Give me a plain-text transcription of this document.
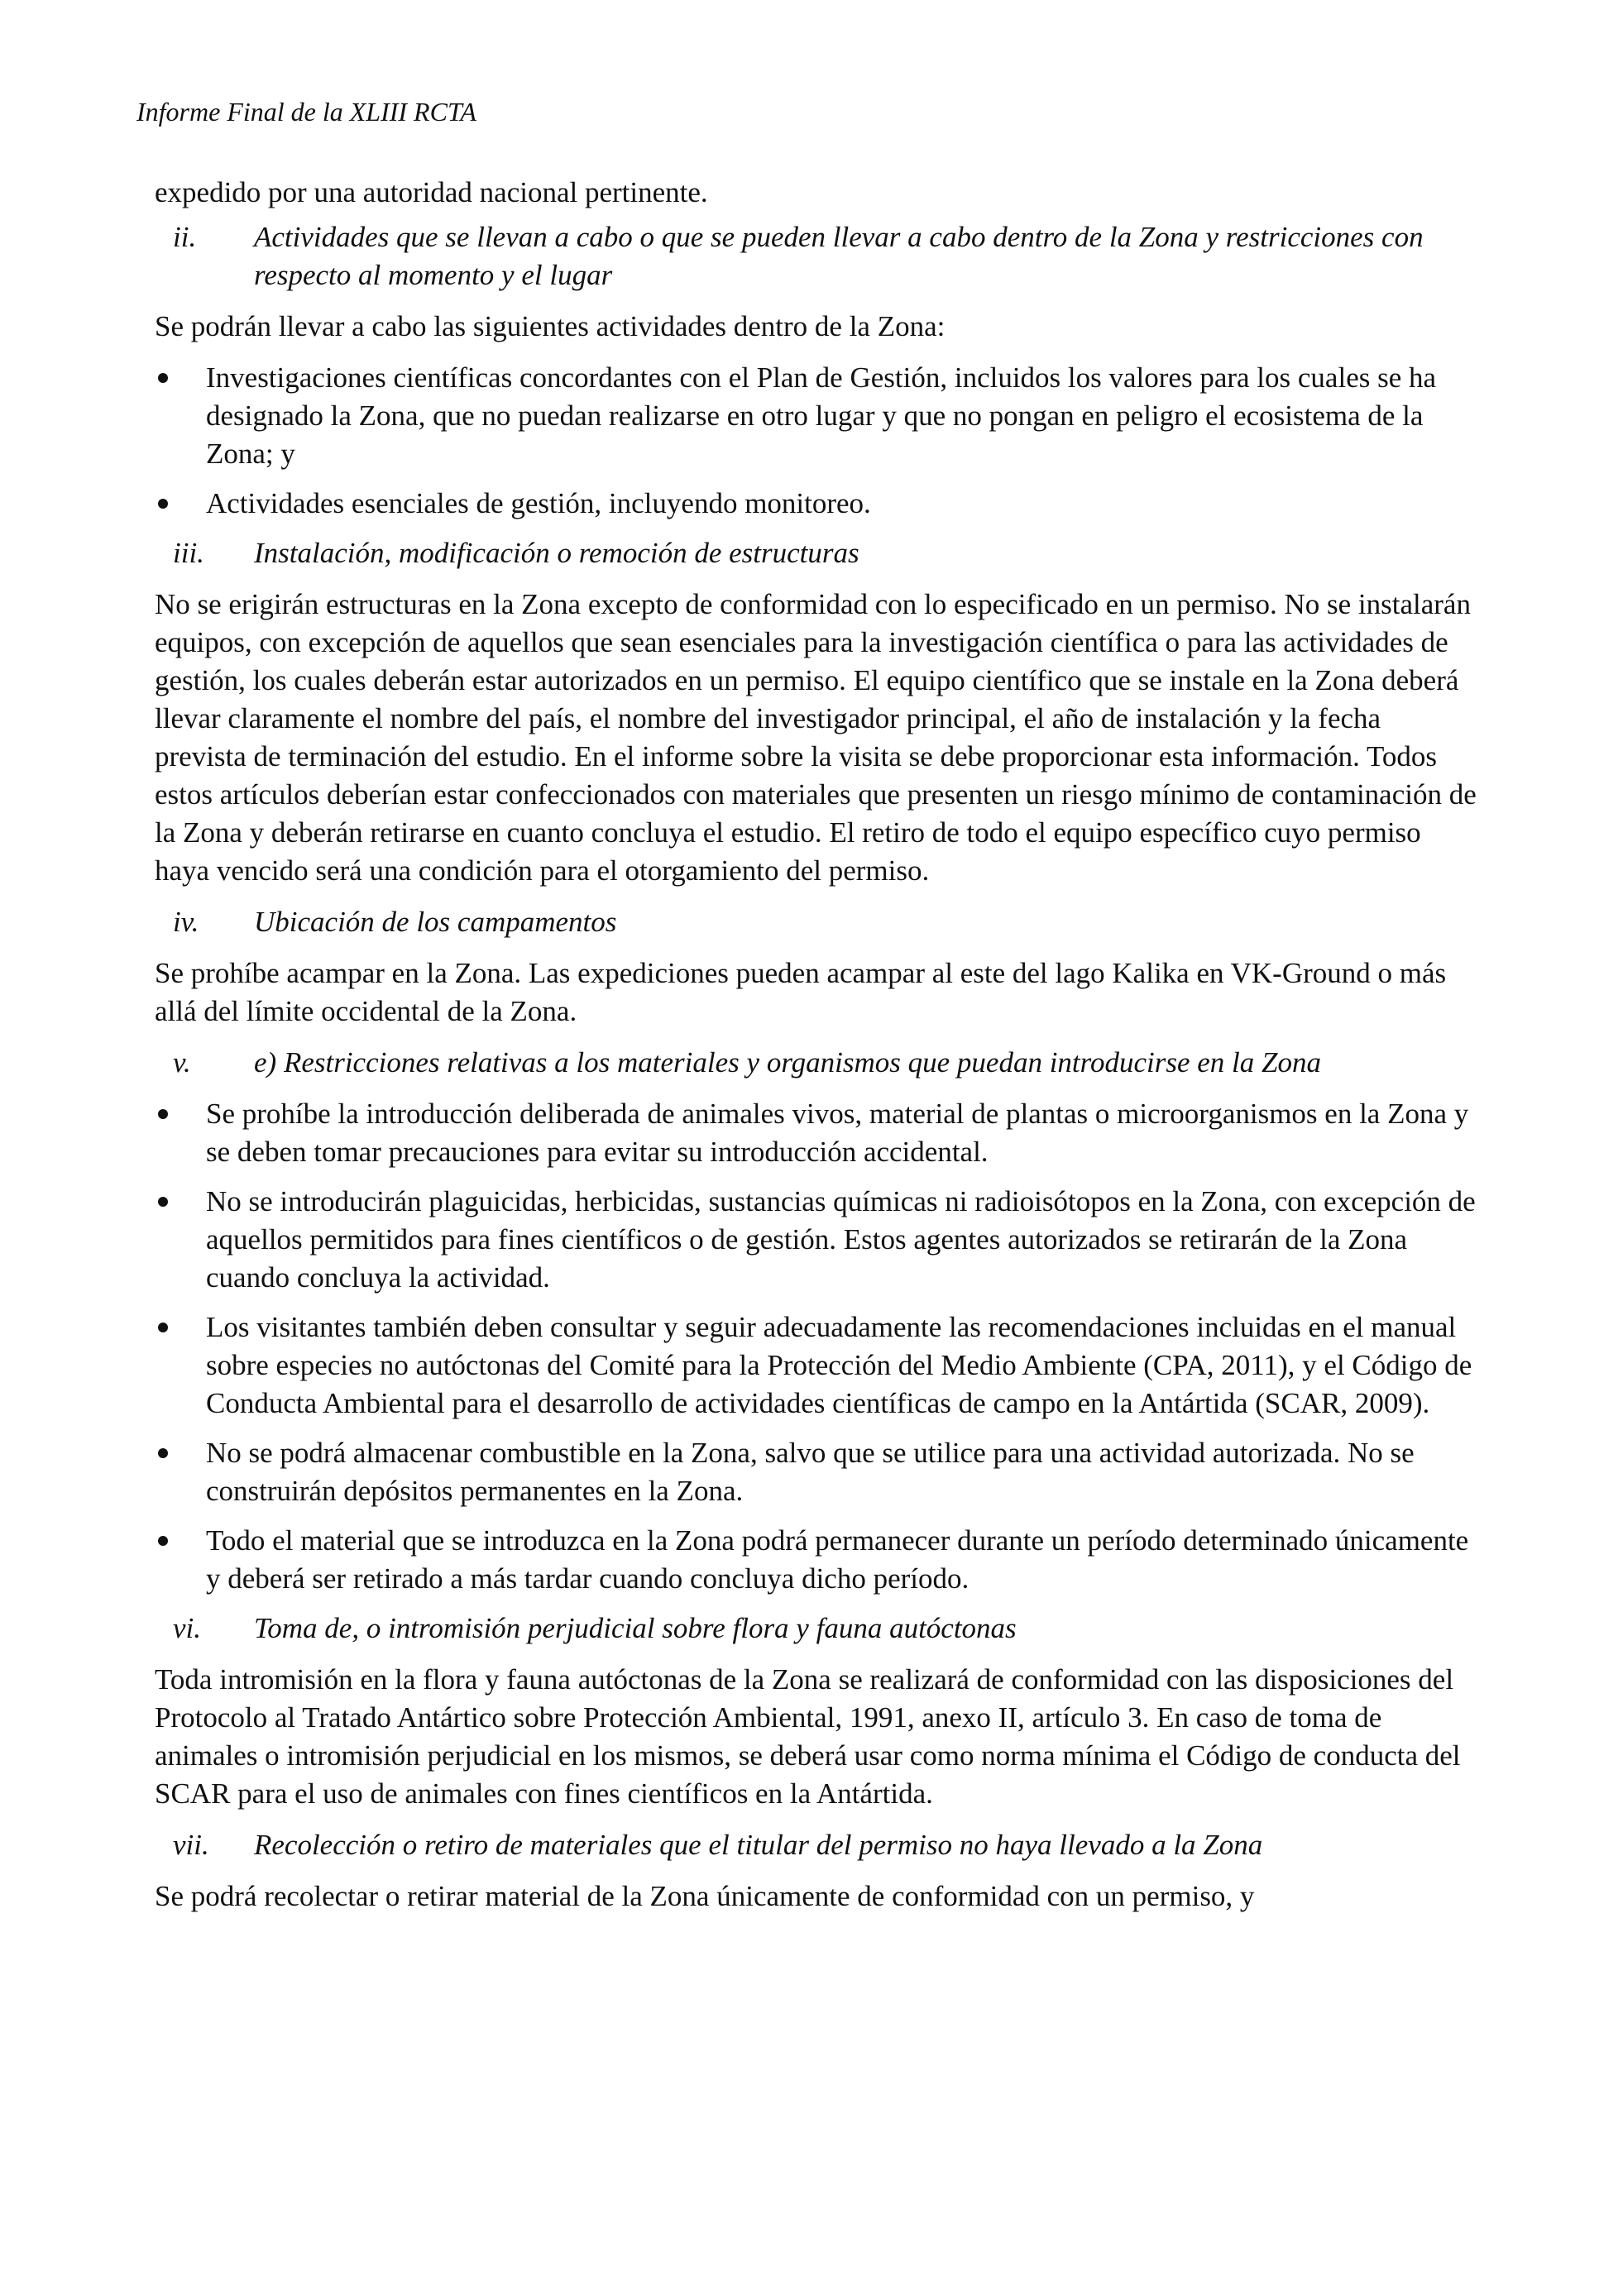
Informe Final de la XLIII RCTA

expedido por una autoridad nacional pertinente.

ii.	Actividades que se llevan a cabo o que se pueden llevar a cabo dentro de la Zona y restricciones con respecto al momento y el lugar

Se podrán llevar a cabo las siguientes actividades dentro de la Zona:

Investigaciones científicas concordantes con el Plan de Gestión, incluidos los valores para los cuales se ha designado la Zona, que no puedan realizarse en otro lugar y que no pongan en peligro el ecosistema de la Zona; y
Actividades esenciales de gestión, incluyendo monitoreo.
iii.	Instalación, modificación o remoción de estructuras

No se erigirán estructuras en la Zona excepto de conformidad con lo especificado en un permiso. No se instalarán equipos, con excepción de aquellos que sean esenciales para la investigación científica o para las actividades de gestión, los cuales deberán estar autorizados en un permiso. El equipo científico que se instale en la Zona deberá llevar claramente el nombre del país, el nombre del investigador principal, el año de instalación y la fecha prevista de terminación del estudio. En el informe sobre la visita se debe proporcionar esta información. Todos estos artículos deberían estar confeccionados con materiales que presenten un riesgo mínimo de contaminación de la Zona y deberán retirarse en cuanto concluya el estudio. El retiro de todo el equipo específico cuyo permiso haya vencido será una condición para el otorgamiento del permiso.

iv.	Ubicación de los campamentos

Se prohíbe acampar en la Zona. Las expediciones pueden acampar al este del lago Kalika en VK-Ground o más allá del límite occidental de la Zona.

v.	e) Restricciones relativas a los materiales y organismos que puedan introducirse en la Zona
Se prohíbe la introducción deliberada de animales vivos, material de plantas o microorganismos en la Zona y se deben tomar precauciones para evitar su introducción accidental.
No se introducirán plaguicidas, herbicidas, sustancias químicas ni radioisótopos en la Zona, con excepción de aquellos permitidos para fines científicos o de gestión. Estos agentes autorizados se retirarán de la Zona cuando concluya la actividad.
Los visitantes también deben consultar y seguir adecuadamente las recomendaciones incluidas en el manual sobre especies no autóctonas del Comité para la Protección del Medio Ambiente (CPA, 2011), y el Código de Conducta Ambiental para el desarrollo de actividades científicas de campo en la Antártida (SCAR, 2009).
No se podrá almacenar combustible en la Zona, salvo que se utilice para una actividad autorizada. No se construirán depósitos permanentes en la Zona.
Todo el material que se introduzca en la Zona podrá permanecer durante un período determinado únicamente y deberá ser retirado a más tardar cuando concluya dicho período.
vi.	Toma de, o intromisión perjudicial sobre flora y fauna autóctonas

Toda intromisión en la flora y fauna autóctonas de la Zona se realizará de conformidad con las disposiciones del Protocolo al Tratado Antártico sobre Protección Ambiental, 1991, anexo II, artículo 3. En caso de toma de animales o intromisión perjudicial en los mismos, se deberá usar como norma mínima el Código de conducta del SCAR para el uso de animales con fines científicos en la Antártida.

vii.	Recolección o retiro de materiales que el titular del permiso no haya llevado a la Zona

Se podrá recolectar o retirar material de la Zona únicamente de conformidad con un permiso, y
